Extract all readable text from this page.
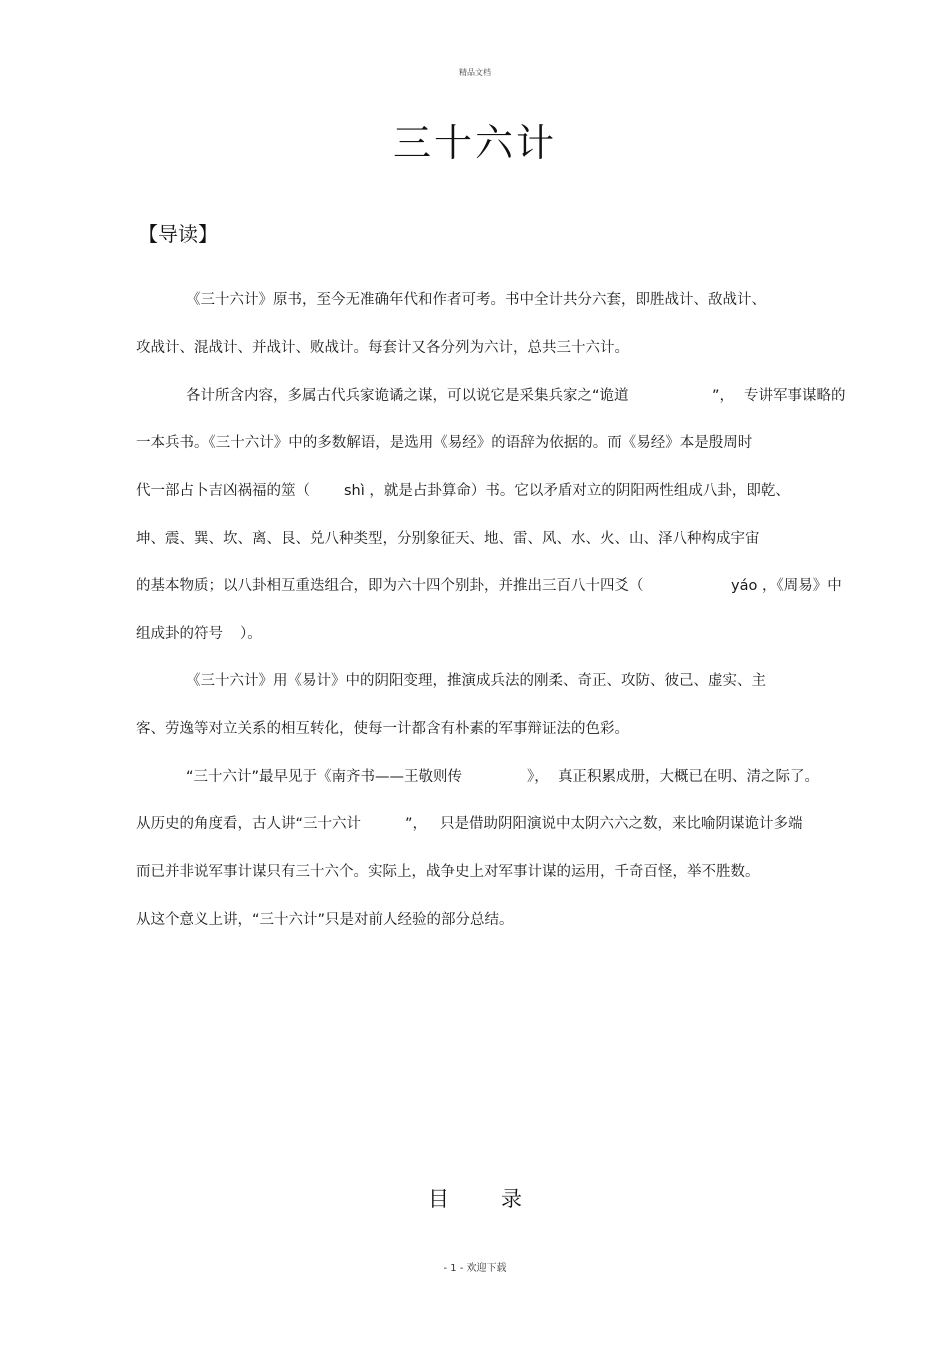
精品文档
三十六计
【导读】
《三十六计》原书，至今无准确年代和作者可考。书中全计共分六套，即胜战计、敌战计、
攻战计、混战计、并战计、败战计。每套计又各分列为六计，总共三十六计。
各计所含内容，多属古代兵家诡谲之谋，可以说它是采集兵家之“诡道	”， 专讲军事谋略的
一本兵书。《三十六计》中的多数解语，是选用《易经》的语辞为依据的。而《易经》本是殷周时
代一部占卜吉凶祸福的筮（ shì ，就是占卦算命）书。它以矛盾对立的阴阳两性组成八卦，即乾、
坤、震、巽、坎、离、艮、兑八种类型，分别象征天、地、雷、风、水、火、山、泽八种构成宇宙
的基本物质；以八卦相互重迭组合，即为六十四个别卦，并推出三百八十四爻（	yáo ，《周易》中
组成卦的符号 ）。
《三十六计》用《易计》中的阴阳变理，推演成兵法的刚柔、奇正、攻防、彼己、虚实、主
客、劳逸等对立关系的相互转化，使每一计都含有朴素的军事辩证法的色彩。
“三十六计”最早见于《南齐书——王敬则传	》， 真正积累成册，大概已在明、清之际了。
从历史的角度看，古人讲“三十六计	”， 只是借助阴阳演说中太阴六六之数，来比喻阴谋诡计多端
而已并非说军事计谋只有三十六个。实际上，战争史上对军事计谋的运用，千奇百怪，举不胜数。
从这个意义上讲，“三十六计”只是对前人经验的部分总结。
目 录
- 1 - 欢迎下载
